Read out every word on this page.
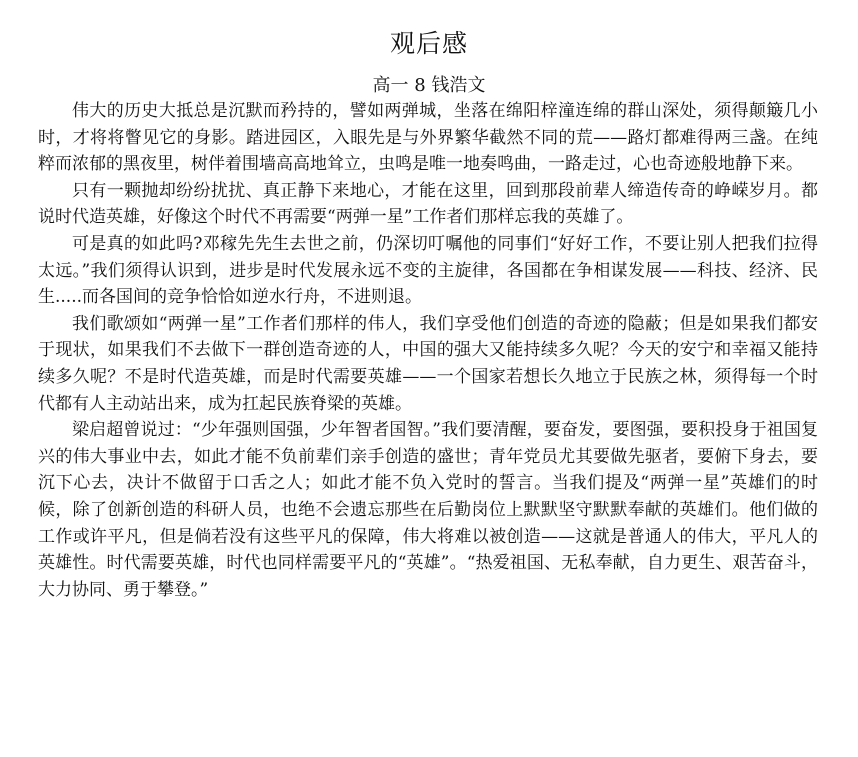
观后感
高一 8 钱浩文

伟大的历史大抵总是沉默而矜持的，譬如两弹城，坐落在绵阳梓潼连绵的群山深处，须得颠簸几小时，才将将瞥见它的身影。踏进园区，入眼先是与外界繁华截然不同的荒——路灯都难得两三盏。在纯粹而浓郁的黑夜里，树伴着围墙高高地耸立，虫鸣是唯一地奏鸣曲，一路走过，心也奇迹般地静下来。

只有一颗抛却纷纷扰扰、真正静下来地心，才能在这里，回到那段前辈人缔造传奇的峥嵘岁月。都说时代造英雄，好像这个时代不再需要“两弹一星”工作者们那样忘我的英雄了。

可是真的如此吗?邓稼先先生去世之前，仍深切叮嘱他的同事们“好好工作，不要让别人把我们拉得太远。”我们须得认识到，进步是时代发展永远不变的主旋律，各国都在争相谋发展——科技、经济、民生.....而各国间的竞争恰恰如逆水行舟，不进则退。

我们歌颂如“两弹一星”工作者们那样的伟人，我们享受他们创造的奇迹的隐蔽；但是如果我们都安于现状，如果我们不去做下一群创造奇迹的人，中国的强大又能持续多久呢？今天的安宁和幸福又能持续多久呢？不是时代造英雄，而是时代需要英雄——一个国家若想长久地立于民族之林，须得每一个时代都有人主动站出来，成为扛起民族脊梁的英雄。

梁启超曾说过：“少年强则国强，少年智者国智。”我们要清醒，要奋发，要图强，要积投身于祖国复兴的伟大事业中去，如此才能不负前辈们亲手创造的盛世；青年党员尤其要做先驱者，要俯下身去，要沉下心去，决计不做留于口舌之人；如此才能不负入党时的誓言。当我们提及“两弹一星”英雄们的时候，除了创新创造的科研人员，也绝不会遗忘那些在后勤岗位上默默坚守默默奉献的英雄们。他们做的工作或许平凡，但是倘若没有这些平凡的保障，伟大将难以被创造——这就是普通人的伟大，平凡人的英雄性。时代需要英雄，时代也同样需要平凡的“英雄”。“热爱祖国、无私奉献，自力更生、艰苦奋斗，大力协同、勇于攀登。”
